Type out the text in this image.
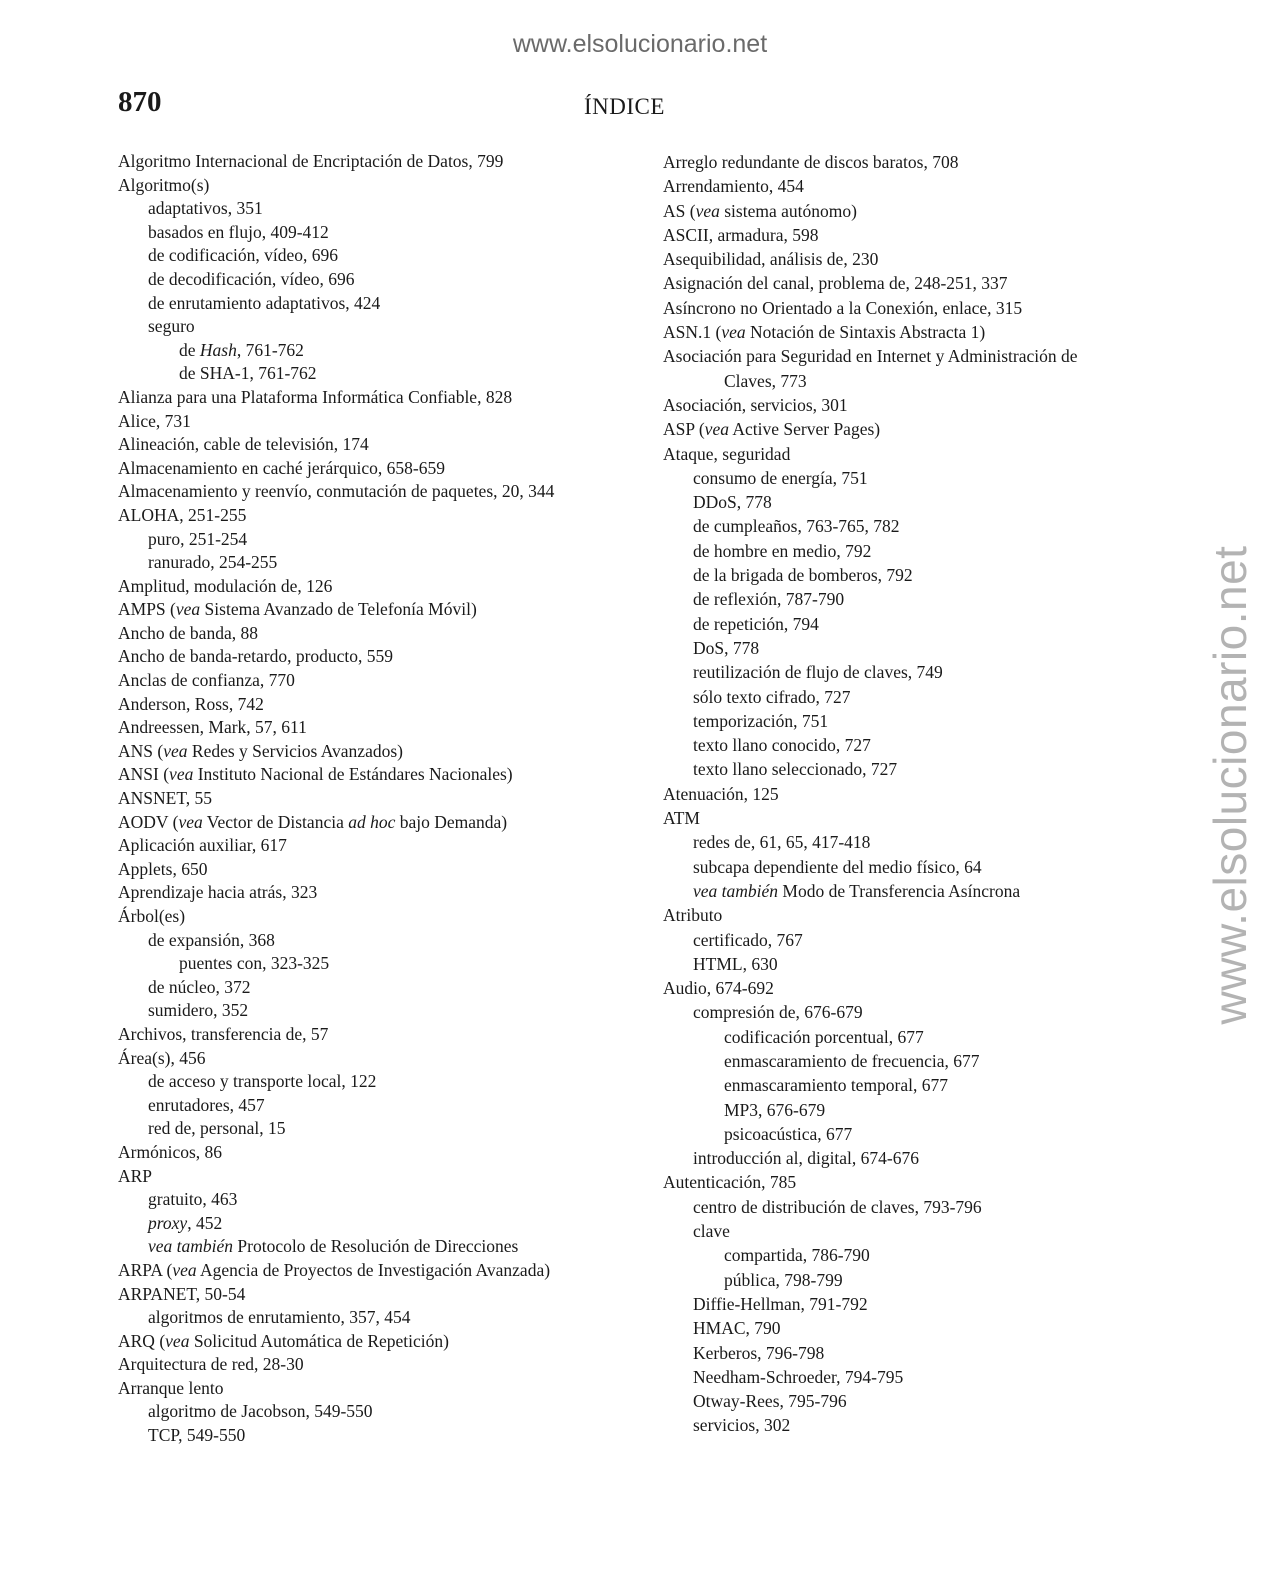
www.elsolucionario.net
www.elsolucionario.net
870	ÍNDICE
Algoritmo Internacional de Encriptación de Datos, 799
Algoritmo(s)
adaptativos, 351
basados en flujo, 409-412
de codificación, vídeo, 696
de decodificación, vídeo, 696
de enrutamiento adaptativos, 424
seguro
de Hash, 761-762
de SHA-1, 761-762
Alianza para una Plataforma Informática Confiable, 828
Alice, 731
Alineación, cable de televisión, 174
Almacenamiento en caché jerárquico, 658-659
Almacenamiento y reenvío, conmutación de paquetes, 20, 344
ALOHA, 251-255
puro, 251-254
ranurado, 254-255
Amplitud, modulación de, 126
AMPS (vea Sistema Avanzado de Telefonía Móvil)
Ancho de banda, 88
Ancho de banda-retardo, producto, 559
Anclas de confianza, 770
Anderson, Ross, 742
Andreessen, Mark, 57, 611
ANS (vea Redes y Servicios Avanzados)
ANSI (vea Instituto Nacional de Estándares Nacionales)
ANSNET, 55
AODV (vea Vector de Distancia ad hoc bajo Demanda)
Aplicación auxiliar, 617
Applets, 650
Aprendizaje hacia atrás, 323
Árbol(es)
de expansión, 368
puentes con, 323-325
de núcleo, 372
sumidero, 352
Archivos, transferencia de, 57
Área(s), 456
de acceso y transporte local, 122
enrutadores, 457
red de, personal, 15
Armónicos, 86
ARP
gratuito, 463
proxy, 452
vea también Protocolo de Resolución de Direcciones
ARPA (vea Agencia de Proyectos de Investigación Avanzada)
ARPANET, 50-54
algoritmos de enrutamiento, 357, 454
ARQ (vea Solicitud Automática de Repetición)
Arquitectura de red, 28-30
Arranque lento
algoritmo de Jacobson, 549-550
TCP, 549-550
Arreglo redundante de discos baratos, 708
Arrendamiento, 454
AS (vea sistema autónomo)
ASCII, armadura, 598
Asequibilidad, análisis de, 230
Asignación del canal, problema de, 248-251, 337
Asíncrono no Orientado a la Conexión, enlace, 315
ASN.1 (vea Notación de Sintaxis Abstracta 1)
Asociación para Seguridad en Internet y Administración de
Claves, 773
Asociación, servicios, 301
ASP (vea Active Server Pages)
Ataque, seguridad
consumo de energía, 751
DDoS, 778
de cumpleaños, 763-765, 782
de hombre en medio, 792
de la brigada de bomberos, 792
de reflexión, 787-790
de repetición, 794
DoS, 778
reutilización de flujo de claves, 749
sólo texto cifrado, 727
temporización, 751
texto llano conocido, 727
texto llano seleccionado, 727
Atenuación, 125
ATM
redes de, 61, 65, 417-418
subcapa dependiente del medio físico, 64
vea también Modo de Transferencia Asíncrona
Atributo
certificado, 767
HTML, 630
Audio, 674-692
compresión de, 676-679
codificación porcentual, 677
enmascaramiento de frecuencia, 677
enmascaramiento temporal, 677
MP3, 676-679
psicoacústica, 677
introducción al, digital, 674-676
Autenticación, 785
centro de distribución de claves, 793-796
clave
compartida, 786-790
pública, 798-799
Diffie-Hellman, 791-792
HMAC, 790
Kerberos, 796-798
Needham-Schroeder, 794-795
Otway-Rees, 795-796
servicios, 302
